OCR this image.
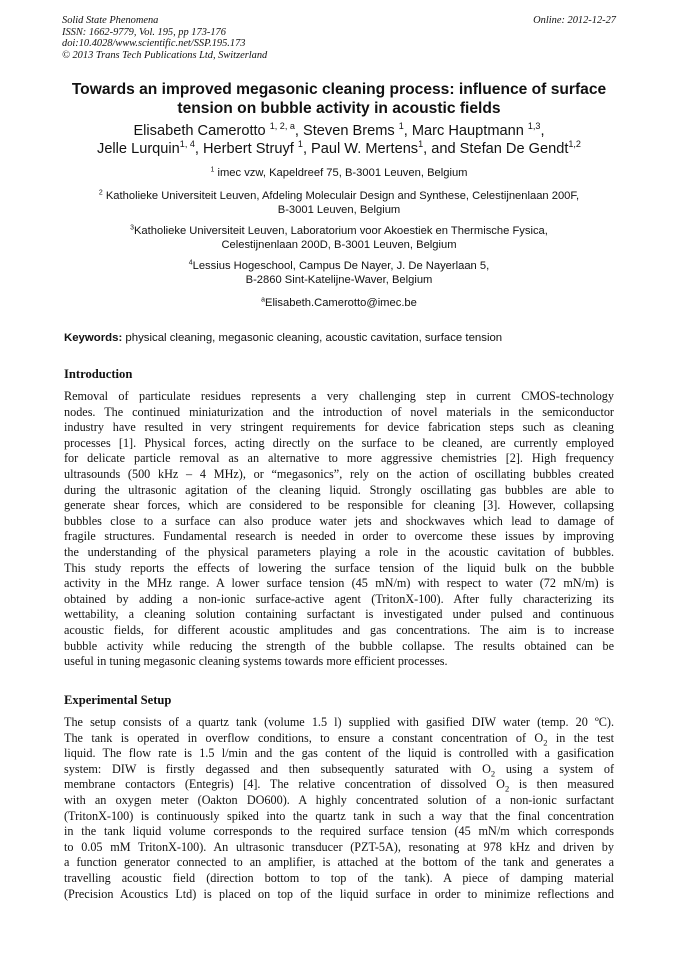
Solid State Phenomena
ISSN: 1662-9779, Vol. 195, pp 173-176
doi:10.4028/www.scientific.net/SSP.195.173
© 2013 Trans Tech Publications Ltd, Switzerland
Online: 2012-12-27
Towards an improved megasonic cleaning process: influence of surface
tension on bubble activity in acoustic fields
Elisabeth Camerotto $^{1, 2, a}$, Steven Brems $^1$, Marc Hauptmann $^{1,3}$,
Jelle Lurquin$^{1, 4}$, Herbert Struyf $^1$, Paul W. Mertens$^1$, and Stefan De Gendt$^{1,2}$
$^1$ imec vzw, Kapeldreef 75, B-3001 Leuven, Belgium
$^2$ Katholieke Universiteit Leuven, Afdeling Moleculair Design and Synthese, Celestijnenlaan 200F,
B-3001 Leuven, Belgium
$^3$Katholieke Universiteit Leuven, Laboratorium voor Akoestiek en Thermische Fysica,
Celestijnenlaan 200D, B-3001 Leuven, Belgium
$^4$Lessius Hogeschool, Campus De Nayer, J. De Nayerlaan 5,
B-2860 Sint-Katelijne-Waver, Belgium
$^a$Elisabeth.Camerotto@imec.be
Keywords: physical cleaning, megasonic cleaning, acoustic cavitation, surface tension
Introduction
Removal of particulate residues represents a very challenging step in current CMOS-technology
nodes. The continued miniaturization and the introduction of novel materials in the semiconductor
industry have resulted in very stringent requirements for device fabrication steps such as cleaning
processes [1]. Physical forces, acting directly on the surface to be cleaned, are currently employed
for delicate particle removal as an alternative to more aggressive chemistries [2]. High frequency
ultrasounds (500 kHz – 4 MHz), or “megasonics”, rely on the action of oscillating bubbles created
during the ultrasonic agitation of the cleaning liquid. Strongly oscillating gas bubbles are able to
generate shear forces, which are considered to be responsible for cleaning [3]. However, collapsing
bubbles close to a surface can also produce water jets and shockwaves which lead to damage of
fragile structures. Fundamental research is needed in order to overcome these issues by improving
the understanding of the physical parameters playing a role in the acoustic cavitation of bubbles.
This study reports the effects of lowering the surface tension of the liquid bulk on the bubble
activity in the MHz range. A lower surface tension (45 mN/m) with respect to water (72 mN/m) is
obtained by adding a non-ionic surface-active agent (TritonX-100). After fully characterizing its
wettability, a cleaning solution containing surfactant is investigated under pulsed and continuous
acoustic fields, for different acoustic amplitudes and gas concentrations. The aim is to increase
bubble activity while reducing the strength of the bubble collapse. The results obtained can be
useful in tuning megasonic cleaning systems towards more efficient processes.
Experimental Setup
The setup consists of a quartz tank (volume 1.5 l) supplied with gasified DIW water (temp. 20 ºC).
The tank is operated in overflow conditions, to ensure a constant concentration of $O_2$ in the test
liquid. The flow rate is 1.5 l/min and the gas content of the liquid is controlled with a gasification
system: DIW is firstly degassed and then subsequently saturated with $O_2$ using a system of
membrane contactors (Entegris) [4]. The relative concentration of dissolved $O_2$ is then measured
with an oxygen meter (Oakton DO600). A highly concentrated solution of a non-ionic surfactant
(TritonX-100) is continuously spiked into the quartz tank in such a way that the final concentration
in the tank liquid volume corresponds to the required surface tension (45 mN/m which corresponds
to 0.05 mM TritonX-100). An ultrasonic transducer (PZT-5A), resonating at 978 kHz and driven by
a function generator connected to an amplifier, is attached at the bottom of the tank and generates a
travelling acoustic field (direction bottom to top of the tank). A piece of damping material
(Precision Acoustics Ltd) is placed on top of the liquid surface in order to minimize reflections and
